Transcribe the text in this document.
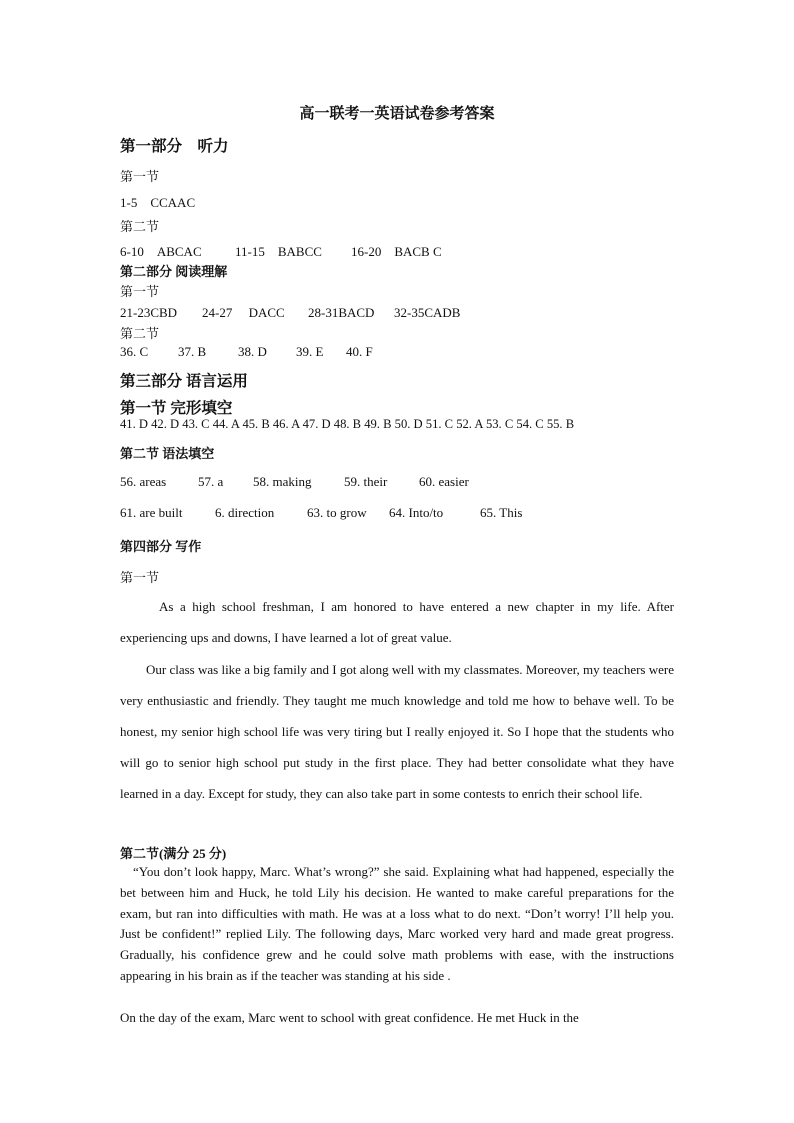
高一联考一英语试卷参考答案
第一部分　听力
第一节
1-5　CCAAC
第二节
6-10　ABCAC	11-15　BABCC 16-20　BACB C
第二部分 阅读理解
第一节
21-23CBD 24-27　 DACC 28-31BACD 32-35CADB
第二节
36. C 37. B 38. D 39. E 40. F
第三部分 语言运用
第一节 完形填空
41. D 42. D 43. C 44. A 45. B 46. A 47. D 48. B 49. B 50. D 51. C 52. A 53. C 54. C 55. B
第二节 语法填空
56. areas 57. a 58. making	59. their 60. easier
61. are built	6. direction	63. to grow 64. Into/to	65. This
第四部分 写作
第一节
As a high school freshman, I am honored to have entered a new chapter in my life. After experiencing ups and downs, I have learned a lot of great value.
Our class was like a big family and I got along well with my classmates. Moreover, my teachers were very enthusiastic and friendly. They taught me much knowledge and told me how to behave well. To be honest, my senior high school life was very tiring but I really enjoyed it. So I hope that the students who will go to senior high school put study in the first place. They had better consolidate what they have learned in a day. Except for study, they can also take part in some contests to enrich their school life.
第二节(满分 25 分)
“You don’t look happy, Marc. What’s wrong?” she said. Explaining what had happened, especially the bet between him and Huck, he told Lily his decision. He wanted to make careful preparations for the exam, but ran into difficulties with math. He was at a loss what to do next. “Don’t worry! I’ll help you. Just be confident!” replied Lily. The following days, Marc worked very hard and made great progress. Gradually, his confidence grew and he could solve math problems with ease, with the instructions appearing in his brain as if the teacher was standing at his side .
On the day of the exam, Marc went to school with great confidence. He met Huck in the
